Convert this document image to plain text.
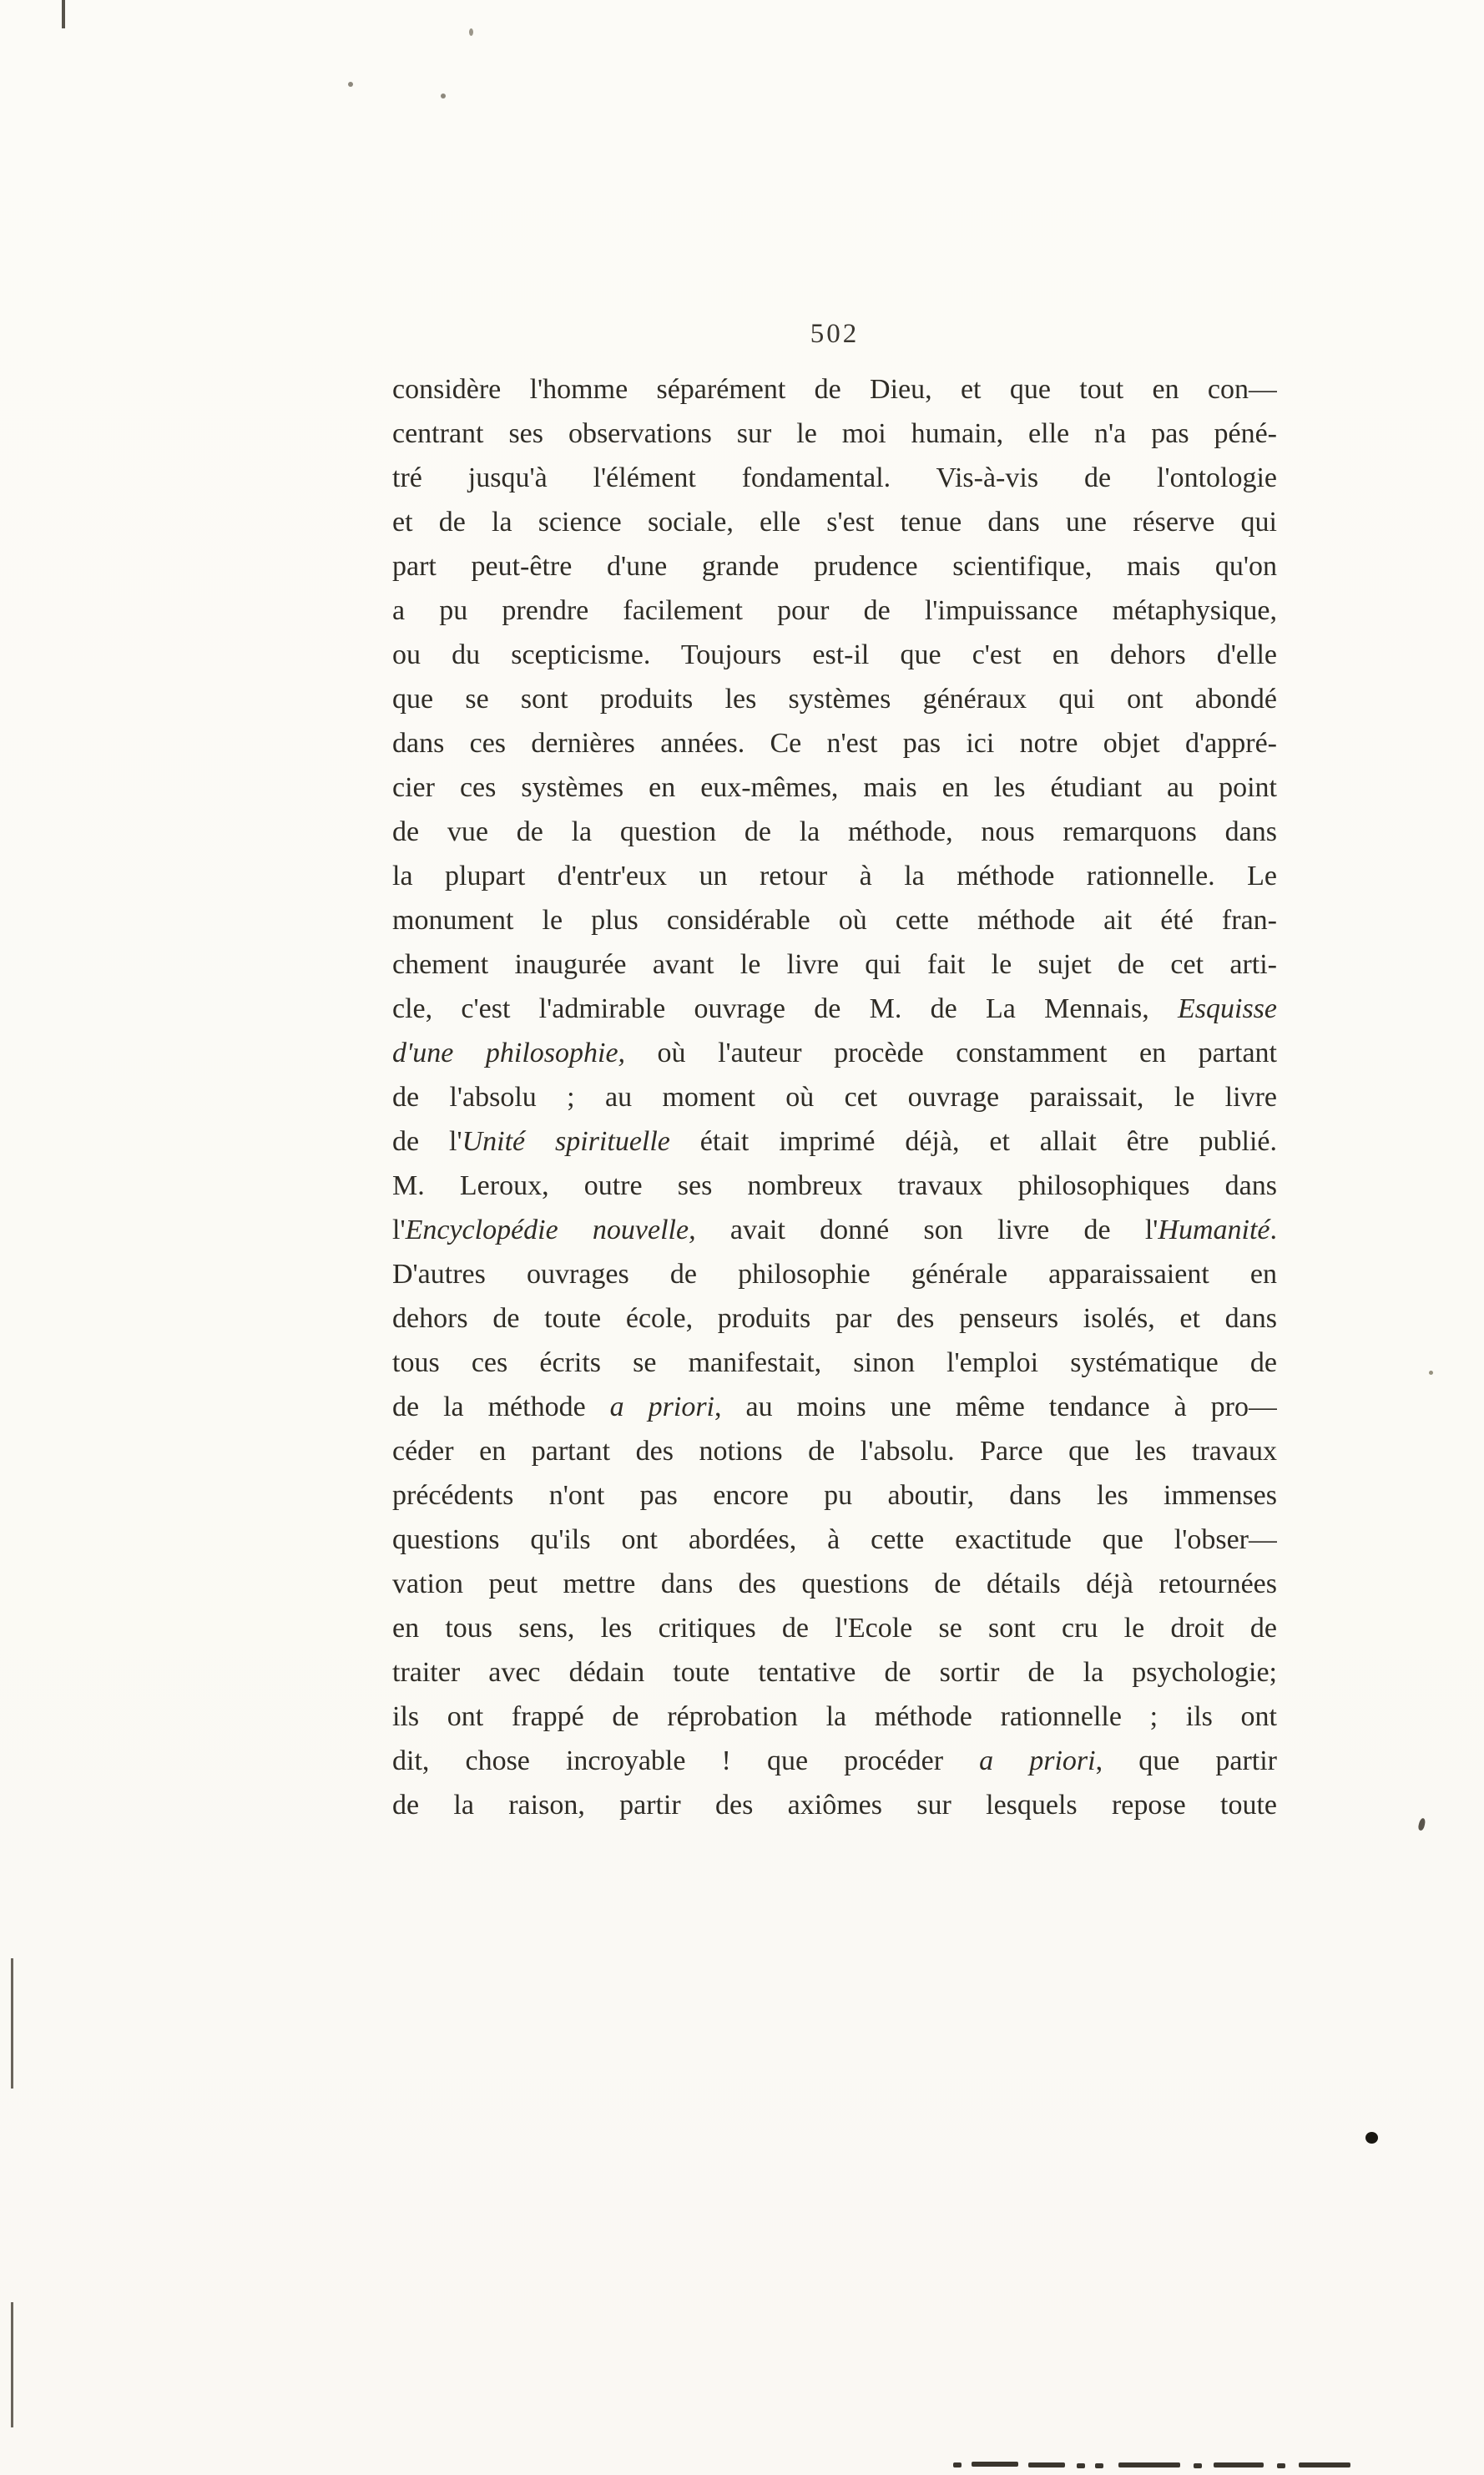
502
considère l'homme séparément de Dieu, et que tout en con—
centrant ses observations sur le moi humain, elle n'a pas péné-
tré jusqu'à l'élément fondamental. Vis-à-vis de l'ontologie
et de la science sociale, elle s'est tenue dans une réserve qui
part peut-être d'une grande prudence scientifique, mais qu'on
a pu prendre facilement pour de l'impuissance métaphysique,
ou du scepticisme. Toujours est-il que c'est en dehors d'elle
que se sont produits les systèmes généraux qui ont abondé
dans ces dernières années. Ce n'est pas ici notre objet d'appré-
cier ces systèmes en eux-mêmes, mais en les étudiant au point
de vue de la question de la méthode, nous remarquons dans
la plupart d'entr'eux un retour à la méthode rationnelle. Le
monument le plus considérable où cette méthode ait été fran-
chement inaugurée avant le livre qui fait le sujet de cet arti-
cle, c'est l'admirable ouvrage de M. de La Mennais, Esquisse
d'une philosophie, où l'auteur procède constamment en partant
de l'absolu ; au moment où cet ouvrage paraissait, le livre
de l'Unité spirituelle était imprimé déjà, et allait être publié.
M. Leroux, outre ses nombreux travaux philosophiques dans
l'Encyclopédie nouvelle, avait donné son livre de l'Humanité.
D'autres ouvrages de philosophie générale apparaissaient en
dehors de toute école, produits par des penseurs isolés, et dans
tous ces écrits se manifestait, sinon l'emploi systématique de
de la méthode a priori, au moins une même tendance à pro—
céder en partant des notions de l'absolu. Parce que les travaux
précédents n'ont pas encore pu aboutir, dans les immenses
questions qu'ils ont abordées, à cette exactitude que l'obser—
vation peut mettre dans des questions de détails déjà retournées
en tous sens, les critiques de l'Ecole se sont cru le droit de
traiter avec dédain toute tentative de sortir de la psychologie;
ils ont frappé de réprobation la méthode rationnelle ; ils ont
dit, chose incroyable ! que procéder a priori, que partir
de la raison, partir des axiômes sur lesquels repose toute
